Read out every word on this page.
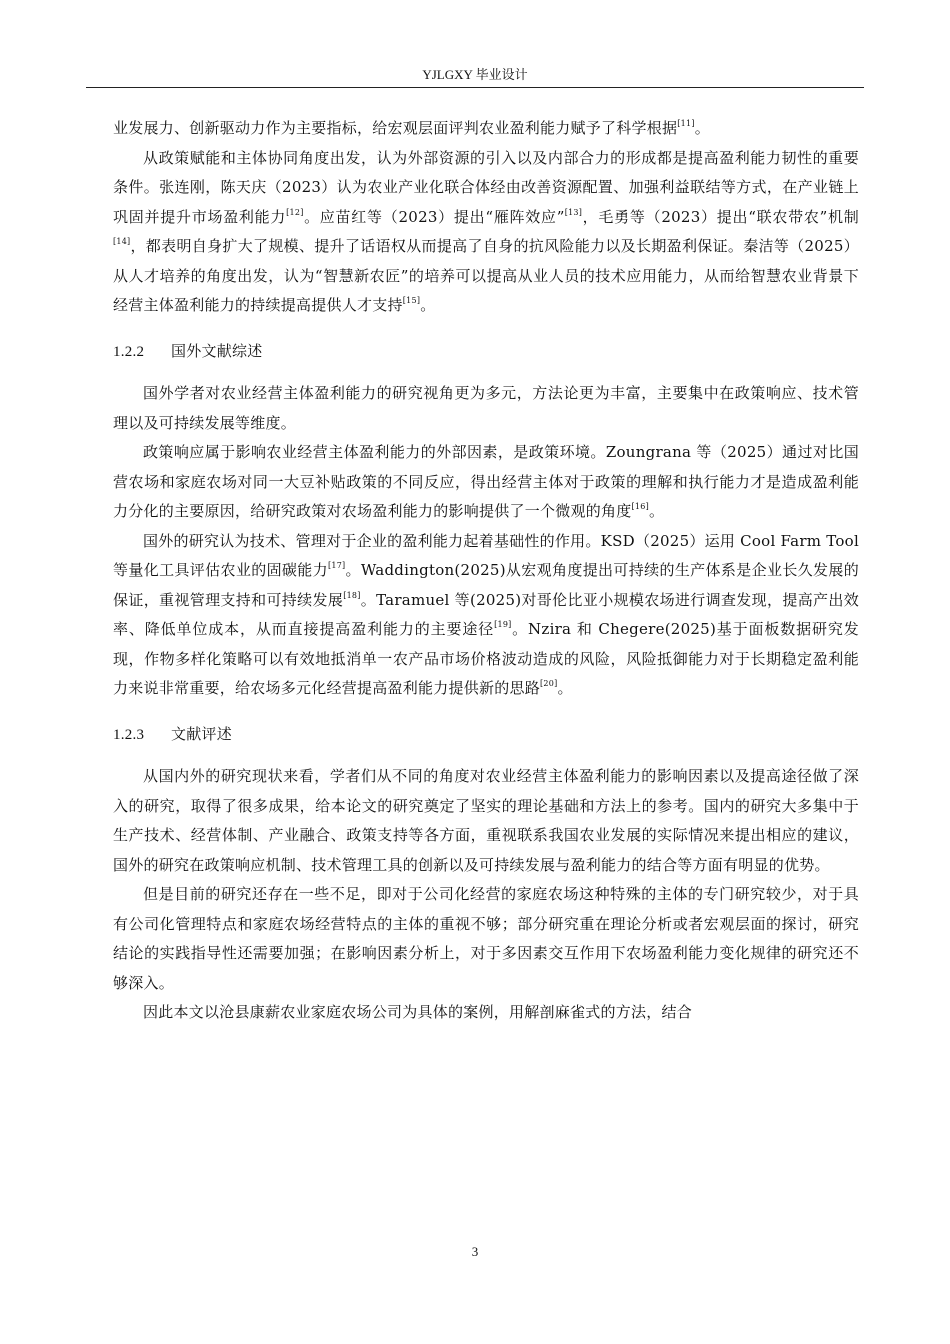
YJLGXY 毕业设计

业发展力、创新驱动力作为主要指标，给宏观层面评判农业盈利能力赋予了科学根据[11]。

从政策赋能和主体协同角度出发，认为外部资源的引入以及内部合力的形成都是提高盈利能力韧性的重要条件。张连刚，陈天庆（2023）认为农业产业化联合体经由改善资源配置、加强利益联结等方式，在产业链上巩固并提升市场盈利能力[12]。应苗红等（2023）提出“雁阵效应”[13]，毛勇等（2023）提出“联农带农”机制[14]，都表明自身扩大了规模、提升了话语权从而提高了自身的抗风险能力以及长期盈利保证。秦洁等（2025）从人才培养的角度出发，认为“智慧新农匠”的培养可以提高从业人员的技术应用能力，从而给智慧农业背景下经营主体盈利能力的持续提高提供人才支持[15]。

1.2.2 国外文献综述

国外学者对农业经营主体盈利能力的研究视角更为多元，方法论更为丰富，主要集中在政策响应、技术管理以及可持续发展等维度。

政策响应属于影响农业经营主体盈利能力的外部因素，是政策环境。Zoungrana 等（2025）通过对比国营农场和家庭农场对同一大豆补贴政策的不同反应，得出经营主体对于政策的理解和执行能力才是造成盈利能力分化的主要原因，给研究政策对农场盈利能力的影响提供了一个微观的角度[16]。

国外的研究认为技术、管理对于企业的盈利能力起着基础性的作用。KSD（2025）运用 Cool Farm Tool 等量化工具评估农业的固碳能力[17]。Waddington(2025)从宏观角度提出可持续的生产体系是企业长久发展的保证，重视管理支持和可持续发展[18]。Taramuel 等(2025)对哥伦比亚小规模农场进行调查发现，提高产出效率、降低单位成本，从而直接提高盈利能力的主要途径[19]。Nzira 和 Chegere(2025)基于面板数据研究发现，作物多样化策略可以有效地抵消单一农产品市场价格波动造成的风险，风险抵御能力对于长期稳定盈利能力来说非常重要，给农场多元化经营提高盈利能力提供新的思路[20]。

1.2.3 文献评述

从国内外的研究现状来看，学者们从不同的角度对农业经营主体盈利能力的影响因素以及提高途径做了深入的研究，取得了很多成果，给本论文的研究奠定了坚实的理论基础和方法上的参考。国内的研究大多集中于生产技术、经营体制、产业融合、政策支持等各方面，重视联系我国农业发展的实际情况来提出相应的建议，国外的研究在政策响应机制、技术管理工具的创新以及可持续发展与盈利能力的结合等方面有明显的优势。

但是目前的研究还存在一些不足，即对于公司化经营的家庭农场这种特殊的主体的专门研究较少，对于具有公司化管理特点和家庭农场经营特点的主体的重视不够；部分研究重在理论分析或者宏观层面的探讨，研究结论的实践指导性还需要加强；在影响因素分析上，对于多因素交互作用下农场盈利能力变化规律的研究还不够深入。

因此本文以沧县康薪农业家庭农场公司为具体的案例，用解剖麻雀式的方法，结合

3
